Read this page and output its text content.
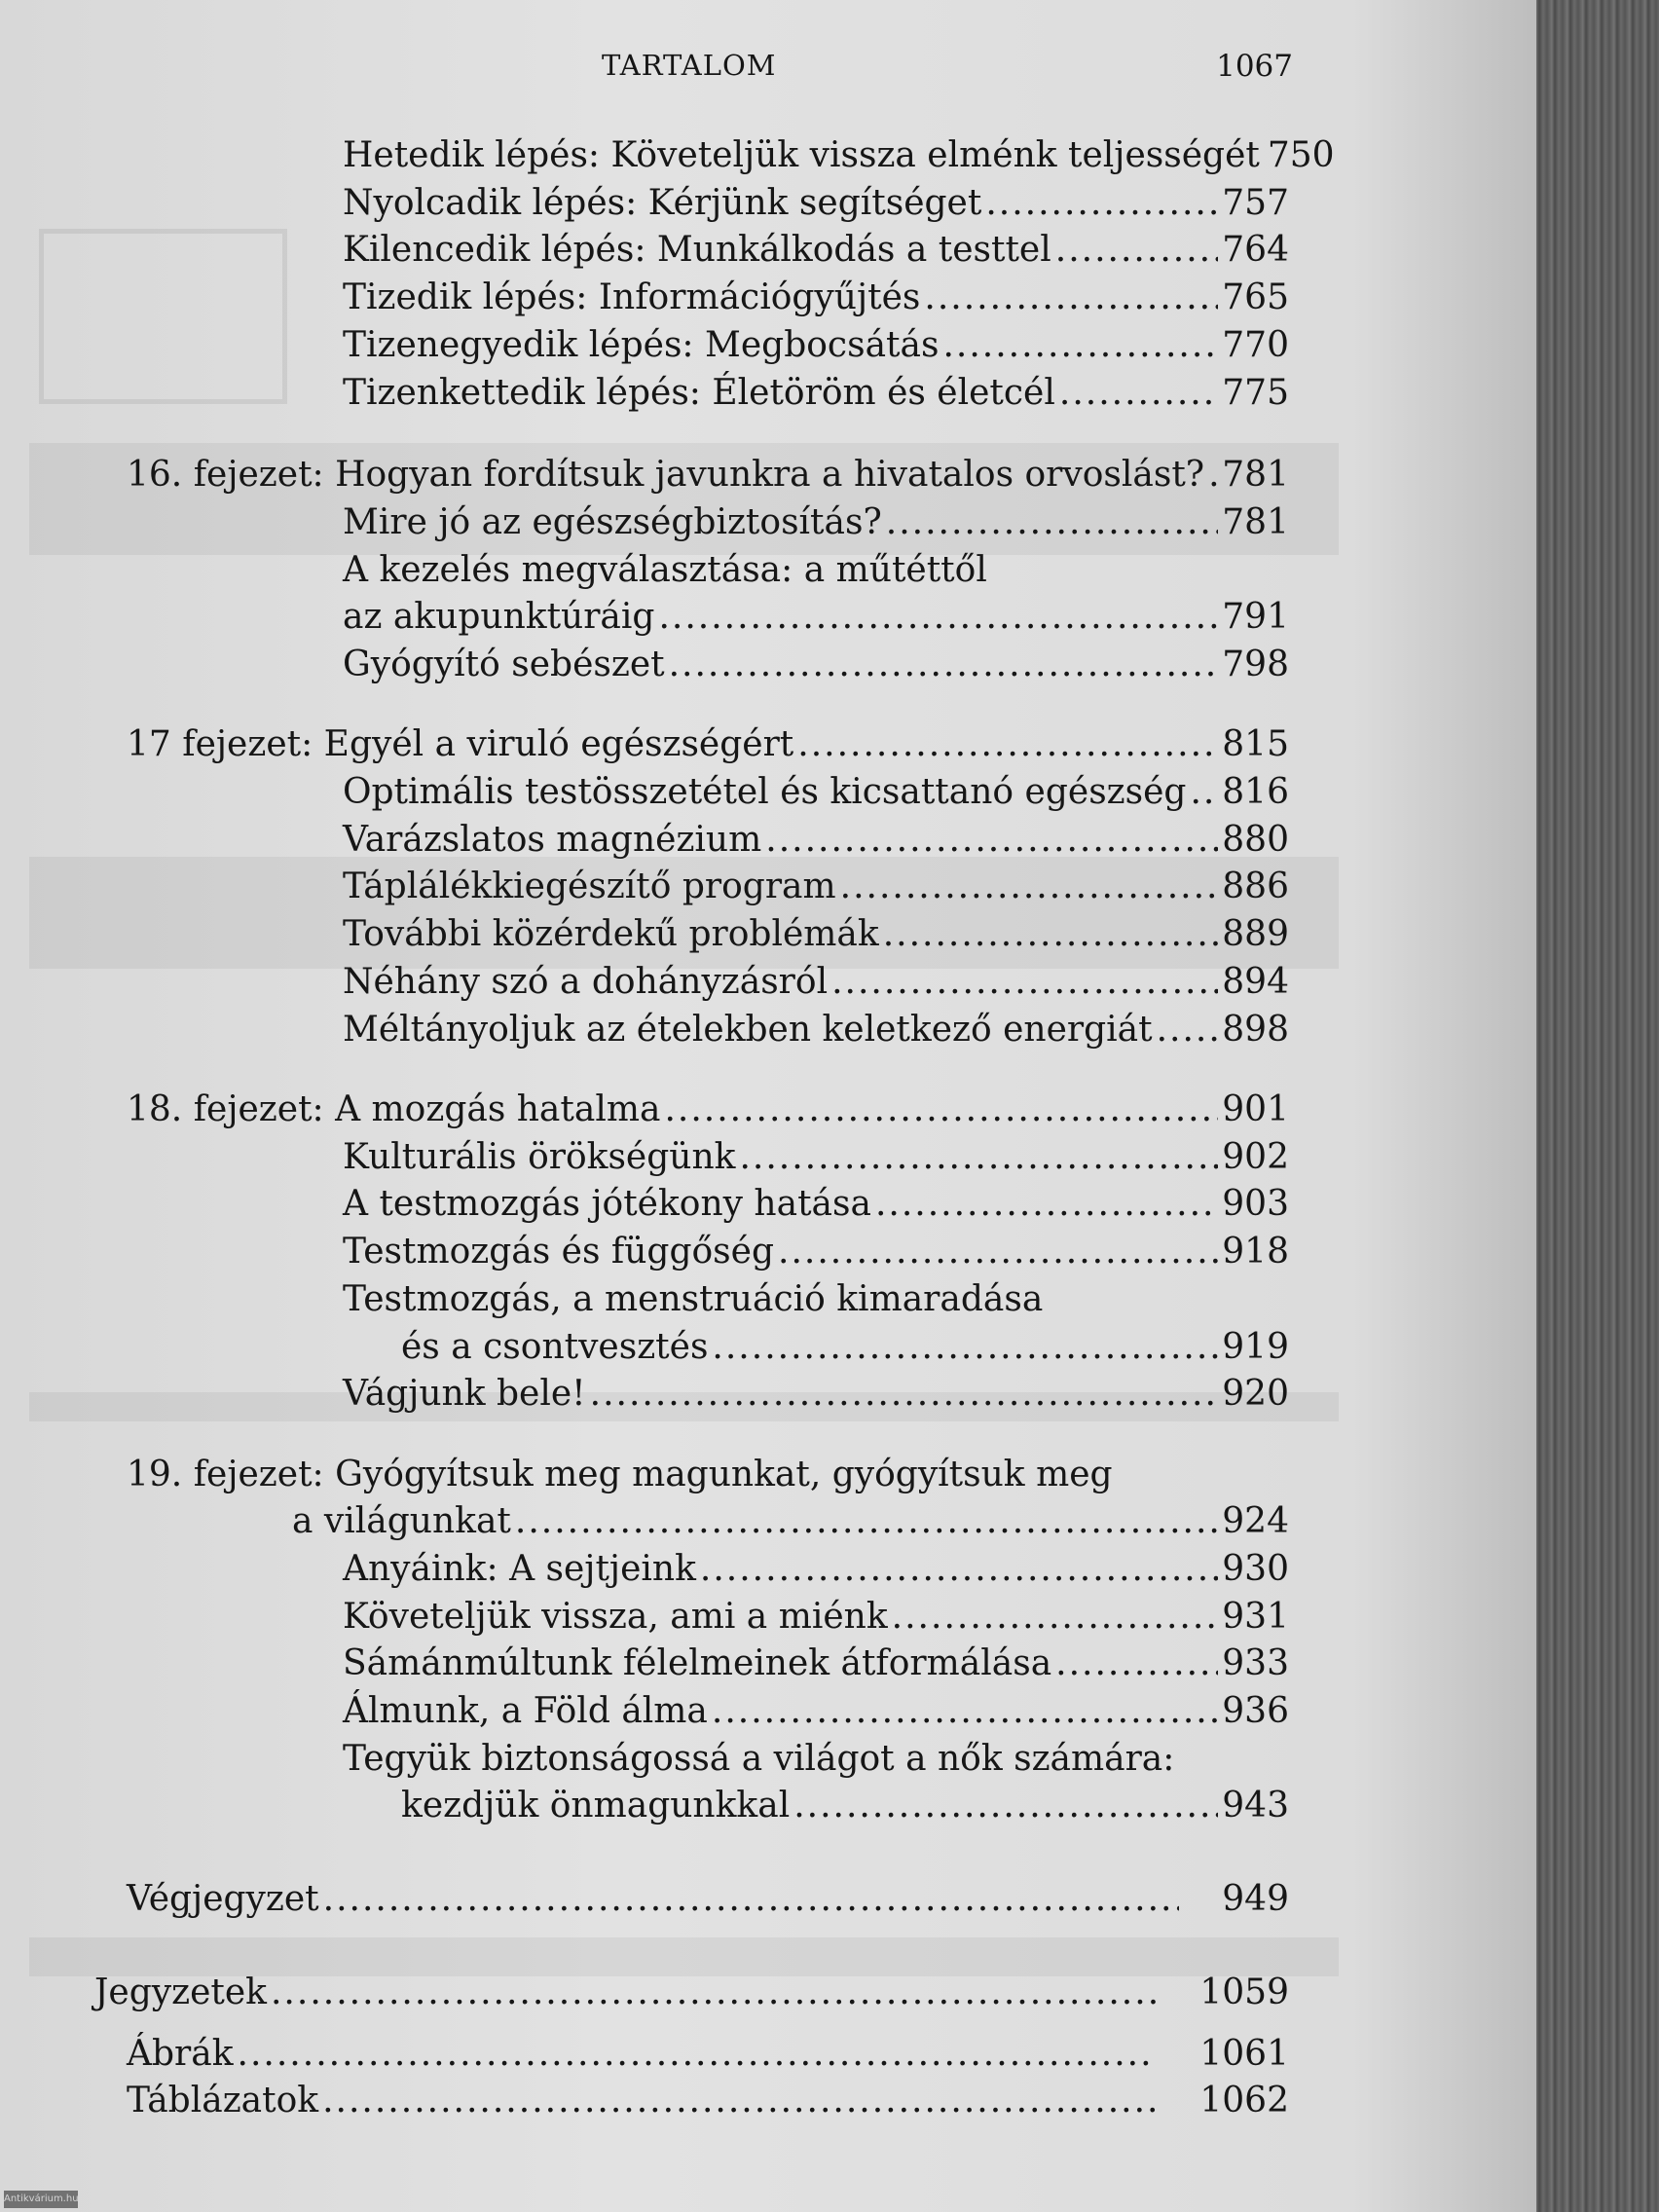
TARTALOM	1067
Hetedik lépés: Követeljük vissza elménk teljességét 750
Nyolcadik lépés: Kérjünk segítséget .....	757
Kilencedik lépés: Munkálkodás a testtel .....	764
Tizedik lépés: Információgyűjtés .....	765
Tizenegyedik lépés: Megbocsátás .....	770
Tizenkettedik lépés: Életöröm és életcél .....	775
16. fejezet: Hogyan fordítsuk javunkra a hivatalos orvoslást? ..... 781
Mire jó az egészségbiztosítás? .....	781
A kezelés megválasztása: a műtéttől
az akupunktúráig .....	791
Gyógyító sebészet .....	798
17 fejezet: Egyél a viruló egészségért .....	815
Optimális testösszetétel és kicsattanó egészség ..... 816
Varázslatos magnézium .....	880
Táplálékkiegészítő program .....	886
További közérdekű problémák .....	889
Néhány szó a dohányzásról .....	894
Méltányoljuk az ételekben keletkező energiát ..... 898
18. fejezet: A mozgás hatalma .....	901
Kulturális örökségünk .....	902
A testmozgás jótékony hatása .....	903
Testmozgás és függőség .....	918
Testmozgás, a menstruáció kimaradása
és a csontvesztés .....	919
Vágjunk bele! .....	920
19. fejezet: Gyógyítsuk meg magunkat, gyógyítsuk meg
a világunkat .....	924
Anyáink: A sejtjeink .....	930
Követeljük vissza, ami a miénk .....	931
Sámánmúltunk félelmeinek átformálása .....	933
Álmunk, a Föld álma .....	936
Tegyük biztonságossá a világot a nők számára:
kezdjük önmagunkkal .....	943
Végjegyzet .....	949
Jegyzetek .....	1059
Ábrák .....	1061
Táblázatok .....	1062
Antikvárium.hu
